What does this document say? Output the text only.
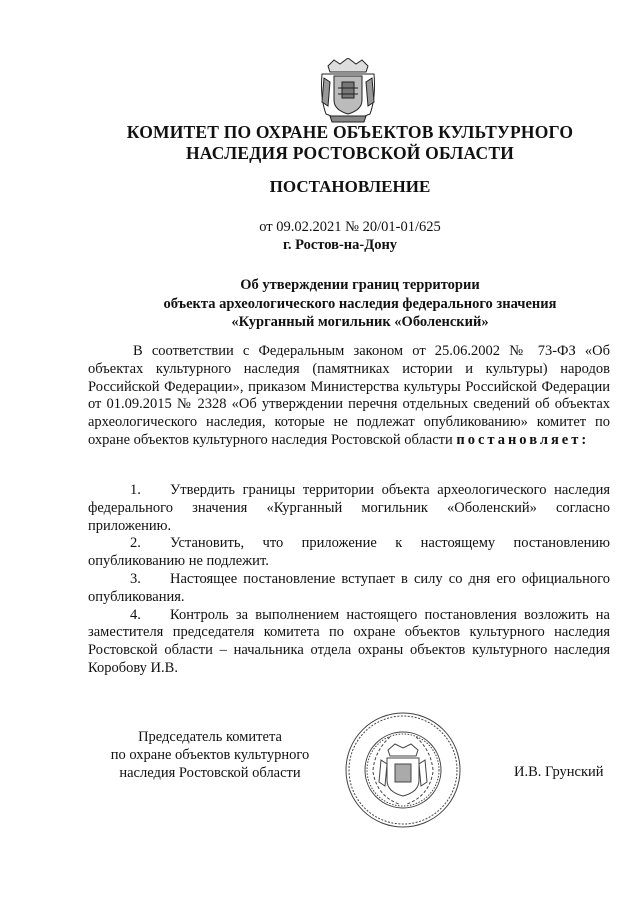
КОМИТЕТ ПО ОХРАНЕ ОБЪЕКТОВ КУЛЬТУРНОГО
НАСЛЕДИЯ РОСТОВСКОЙ ОБЛАСТИ
ПОСТАНОВЛЕНИЕ
от 09.02.2021 № 20/01-01/625
г. Ростов-на-Дону
Об утверждении границ территории
объекта археологического наследия федерального значения
«Курганный могильник «Оболенский»
В соответствии с Федеральным законом от 25.06.2002 № 73-ФЗ «Об объектах культурного наследия (памятниках истории и культуры) народов Российской Федерации», приказом Министерства культуры Российской Федерации от 01.09.2015 № 2328 «Об утверждении перечня отдельных сведений об объектах археологического наследия, которые не подлежат опубликованию» комитет по охране объектов культурного наследия Ростовской области постановляет:
1. Утвердить границы территории объекта археологического наследия федерального значения «Курганный могильник «Оболенский» согласно приложению.
2. Установить, что приложение к настоящему постановлению опубликованию не подлежит.
3. Настоящее постановление вступает в силу со дня его официального опубликования.
4. Контроль за выполнением настоящего постановления возложить на заместителя председателя комитета по охране объектов культурного наследия Ростовской области – начальника отдела охраны объектов культурного наследия Коробову И.В.
Председатель комитета
по охране объектов культурного
наследия Ростовской области	И.В. Грунский
